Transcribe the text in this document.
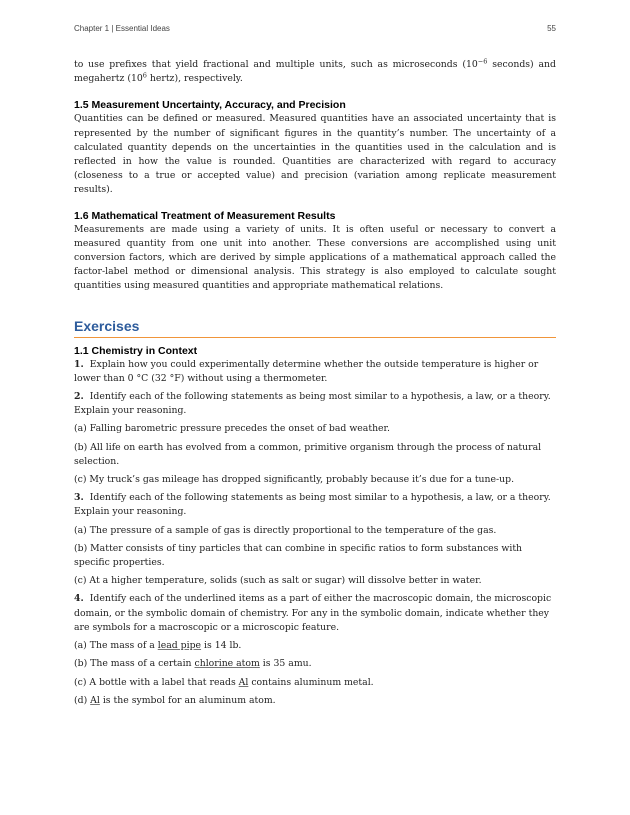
Chapter 1 | Essential Ideas	55

to use prefixes that yield fractional and multiple units, such as microseconds ($10^{-6}$ seconds) and megahertz ($10^6$ hertz), respectively.

1.5 Measurement Uncertainty, Accuracy, and Precision

Quantities can be defined or measured. Measured quantities have an associated uncertainty that is represented by the number of significant figures in the quantity’s number. The uncertainty of a calculated quantity depends on the uncertainties in the quantities used in the calculation and is reflected in how the value is rounded. Quantities are characterized with regard to accuracy (closeness to a true or accepted value) and precision (variation among replicate measurement results).

1.6 Mathematical Treatment of Measurement Results

Measurements are made using a variety of units. It is often useful or necessary to convert a measured quantity from one unit into another. These conversions are accomplished using unit conversion factors, which are derived by simple applications of a mathematical approach called the factor-label method or dimensional analysis. This strategy is also employed to calculate sought quantities using measured quantities and appropriate mathematical relations.

Exercises
1.1 Chemistry in Context

1. Explain how you could experimentally determine whether the outside temperature is higher or lower than 0 °C (32 °F) without using a thermometer.

2. Identify each of the following statements as being most similar to a hypothesis, a law, or a theory. Explain your reasoning.

(a) Falling barometric pressure precedes the onset of bad weather.

(b) All life on earth has evolved from a common, primitive organism through the process of natural selection.

(c) My truck’s gas mileage has dropped significantly, probably because it’s due for a tune-up.

3. Identify each of the following statements as being most similar to a hypothesis, a law, or a theory. Explain your reasoning.

(a) The pressure of a sample of gas is directly proportional to the temperature of the gas.

(b) Matter consists of tiny particles that can combine in specific ratios to form substances with specific properties.

(c) At a higher temperature, solids (such as salt or sugar) will dissolve better in water.

4. Identify each of the underlined items as a part of either the macroscopic domain, the microscopic domain, or the symbolic domain of chemistry. For any in the symbolic domain, indicate whether they are symbols for a macroscopic or a microscopic feature.

(a) The mass of a lead pipe is 14 lb.

(b) The mass of a certain chlorine atom is 35 amu.

(c) A bottle with a label that reads Al contains aluminum metal.

(d) Al is the symbol for an aluminum atom.
